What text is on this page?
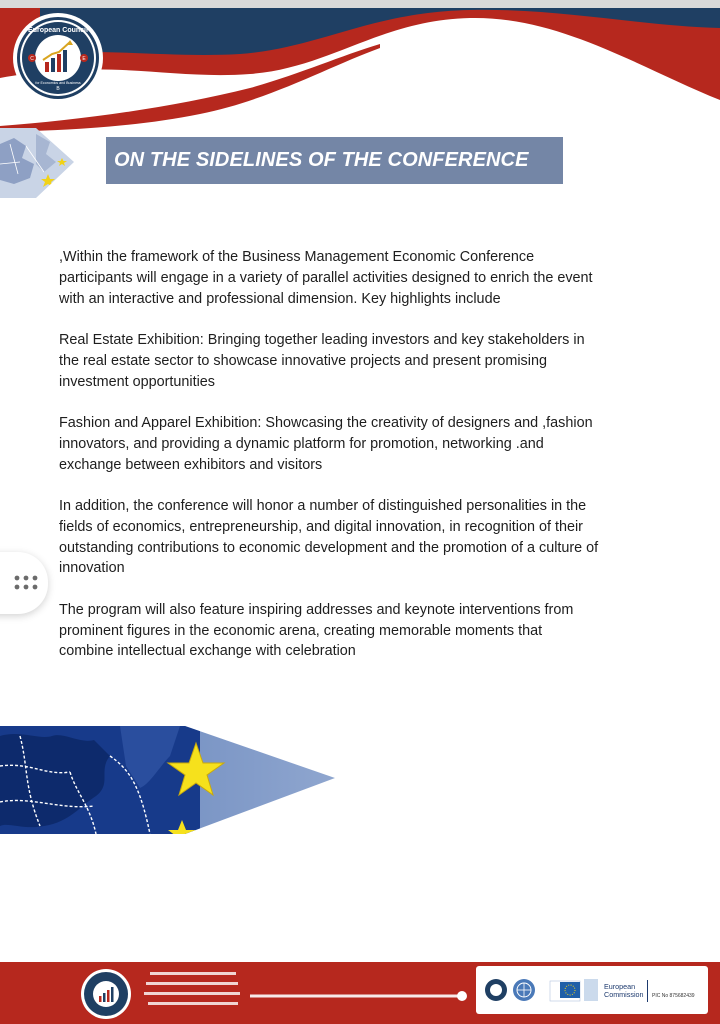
C	E
B
European Council
for Economics and Business
ON THE SIDELINES OF THE CONFERENCE

,Within the framework of the Business Management Economic Conference participants will engage in a variety of parallel activities designed to enrich the event with an interactive and professional dimension. Key highlights include

Real Estate Exhibition: Bringing together leading investors and key stakeholders in the real estate sector to showcase innovative projects and present promising investment opportunities

Fashion and Apparel Exhibition: Showcasing the creativity of designers and ,fashion innovators, and providing a dynamic platform for promotion, networking .and exchange between exhibitors and visitors

In addition, the conference will honor a number of distinguished personalities in the fields of economics, entrepreneurship, and digital innovation, in recognition of their outstanding contributions to economic development and the promotion of a culture of innovation

The program will also feature inspiring addresses and keynote interventions from prominent figures in the economic arena, creating memorable moments that combine intellectual exchange with celebration

European
Commission PIC No 875682439
